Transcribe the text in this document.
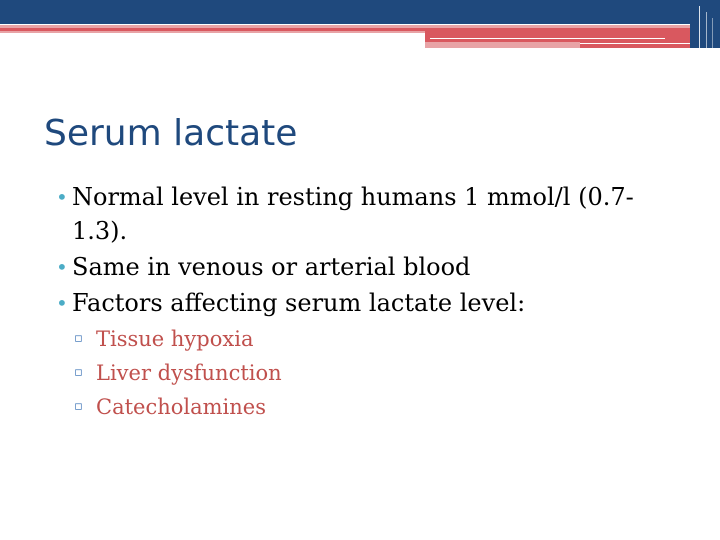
Serum lactate
• Normal level in resting humans 1 mmol/l (0.7-1.3).
• Same in venous or arterial blood
• Factors affecting serum lactate level:
▫ Tissue hypoxia
▫ Liver dysfunction
▫ Catecholamines
